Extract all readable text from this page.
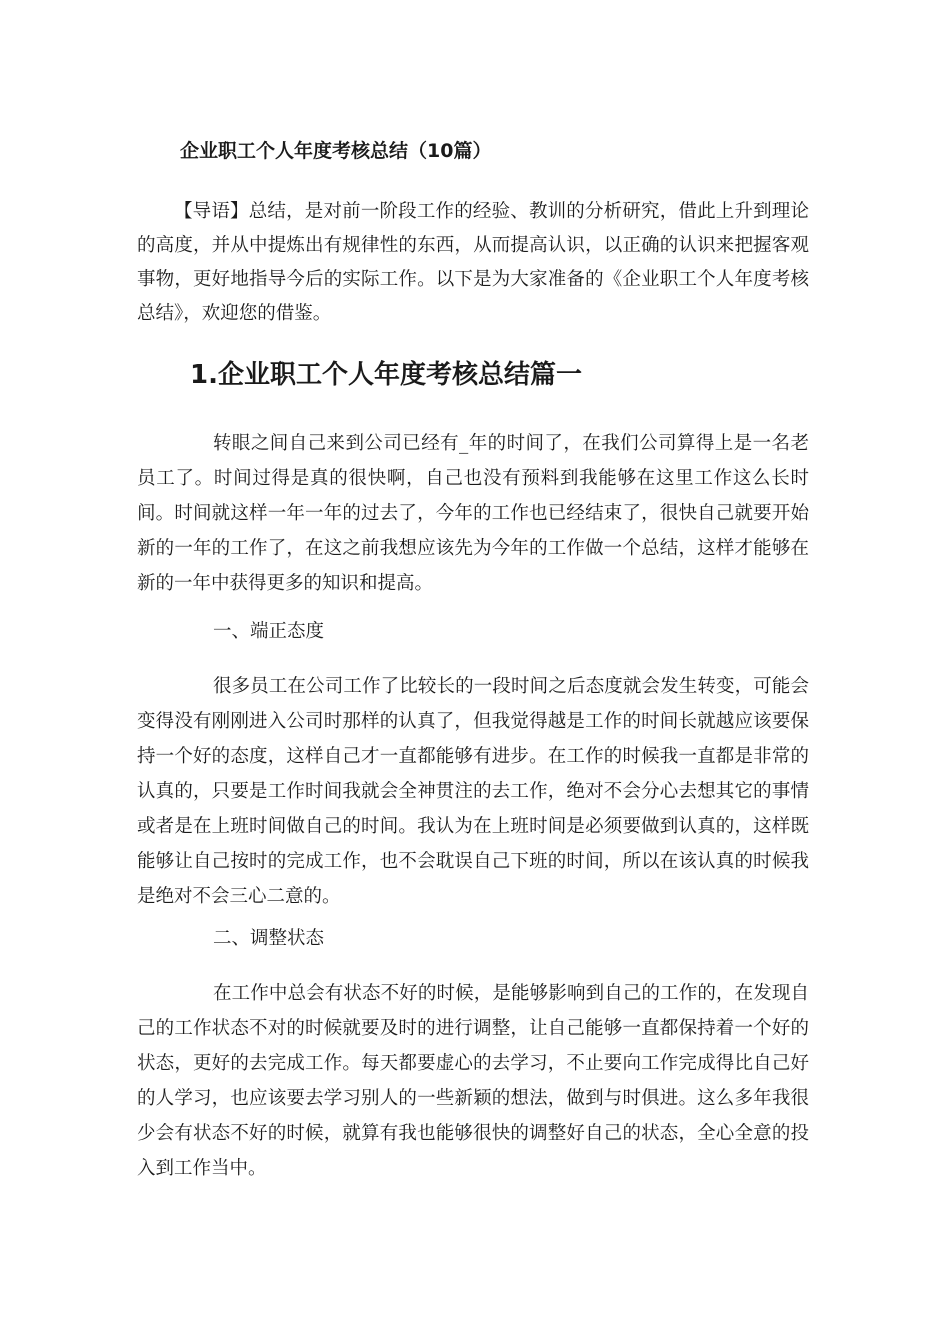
企业职工个人年度考核总结（10篇）

【导语】总结，是对前一阶段工作的经验、教训的分析研究，借此上升到理论的高度，并从中提炼出有规律性的东西，从而提高认识，以正确的认识来把握客观事物，更好地指导今后的实际工作。以下是为大家准备的《企业职工个人年度考核总结》，欢迎您的借鉴。

1.企业职工个人年度考核总结篇一

转眼之间自己来到公司已经有_年的时间了，在我们公司算得上是一名老员工了。时间过得是真的很快啊，自己也没有预料到我能够在这里工作这么长时间。时间就这样一年一年的过去了，今年的工作也已经结束了，很快自己就要开始新的一年的工作了，在这之前我想应该先为今年的工作做一个总结，这样才能够在新的一年中获得更多的知识和提高。

一、端正态度

很多员工在公司工作了比较长的一段时间之后态度就会发生转变，可能会变得没有刚刚进入公司时那样的认真了，但我觉得越是工作的时间长就越应该要保持一个好的态度，这样自己才一直都能够有进步。在工作的时候我一直都是非常的认真的，只要是工作时间我就会全神贯注的去工作，绝对不会分心去想其它的事情或者是在上班时间做自己的时间。我认为在上班时间是必须要做到认真的，这样既能够让自己按时的完成工作，也不会耽误自己下班的时间，所以在该认真的时候我是绝对不会三心二意的。

二、调整状态

在工作中总会有状态不好的时候，是能够影响到自己的工作的，在发现自己的工作状态不对的时候就要及时的进行调整，让自己能够一直都保持着一个好的状态，更好的去完成工作。每天都要虚心的去学习，不止要向工作完成得比自己好的人学习，也应该要去学习别人的一些新颖的想法，做到与时俱进。这么多年我很少会有状态不好的时候，就算有我也能够很快的调整好自己的状态，全心全意的投入到工作当中。
